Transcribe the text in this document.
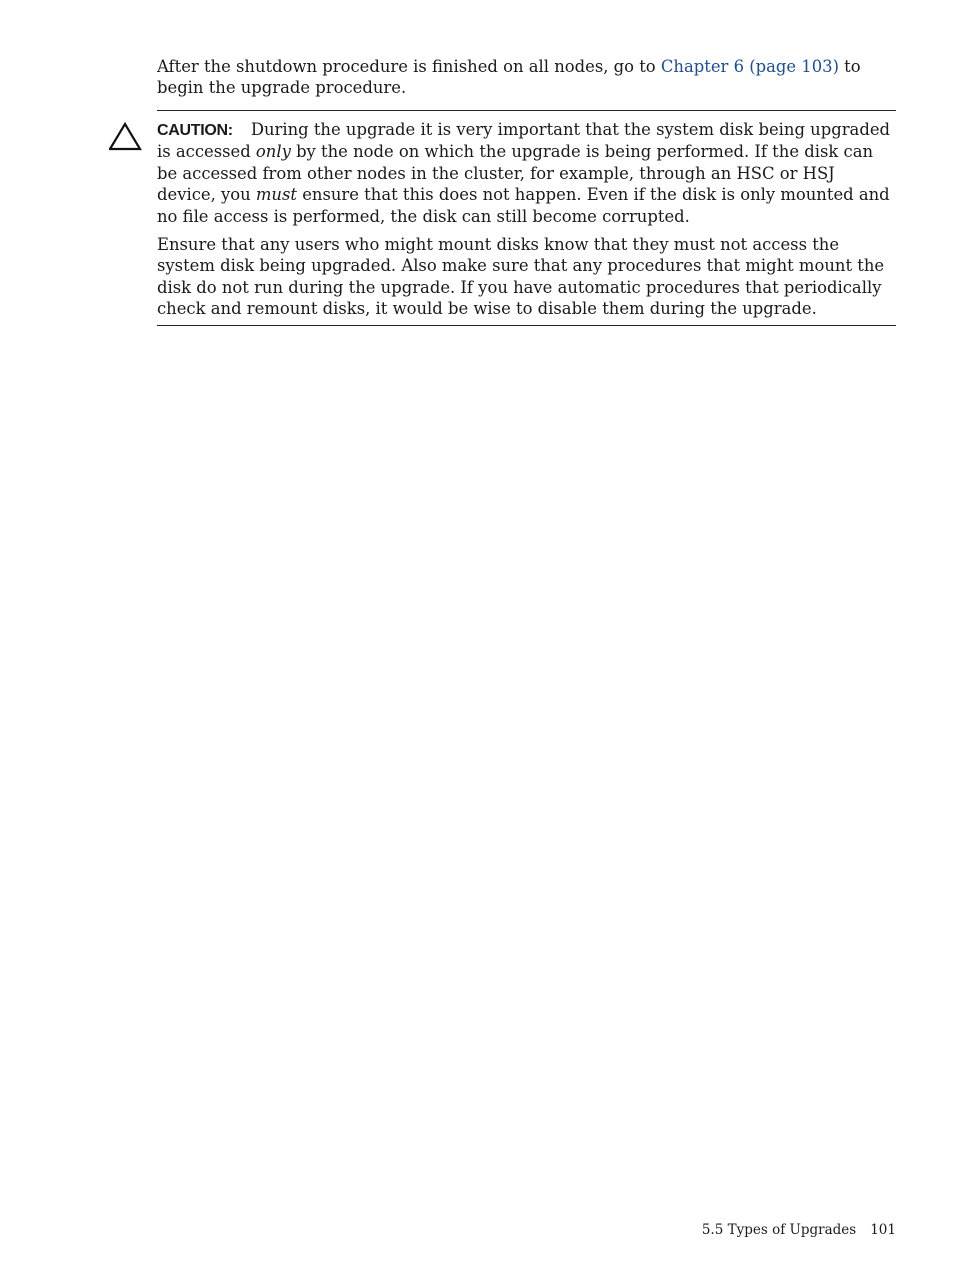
After the shutdown procedure is finished on all nodes, go to Chapter 6 (page 103) to begin the upgrade procedure.

CAUTION: During the upgrade it is very important that the system disk being upgraded is accessed only by the node on which the upgrade is being performed. If the disk can be accessed from other nodes in the cluster, for example, through an HSC or HSJ device, you must ensure that this does not happen. Even if the disk is only mounted and no file access is performed, the disk can still become corrupted.

Ensure that any users who might mount disks know that they must not access the system disk being upgraded. Also make sure that any procedures that might mount the disk do not run during the upgrade. If you have automatic procedures that periodically check and remount disks, it would be wise to disable them during the upgrade.

5.5 Types of Upgrades 101
